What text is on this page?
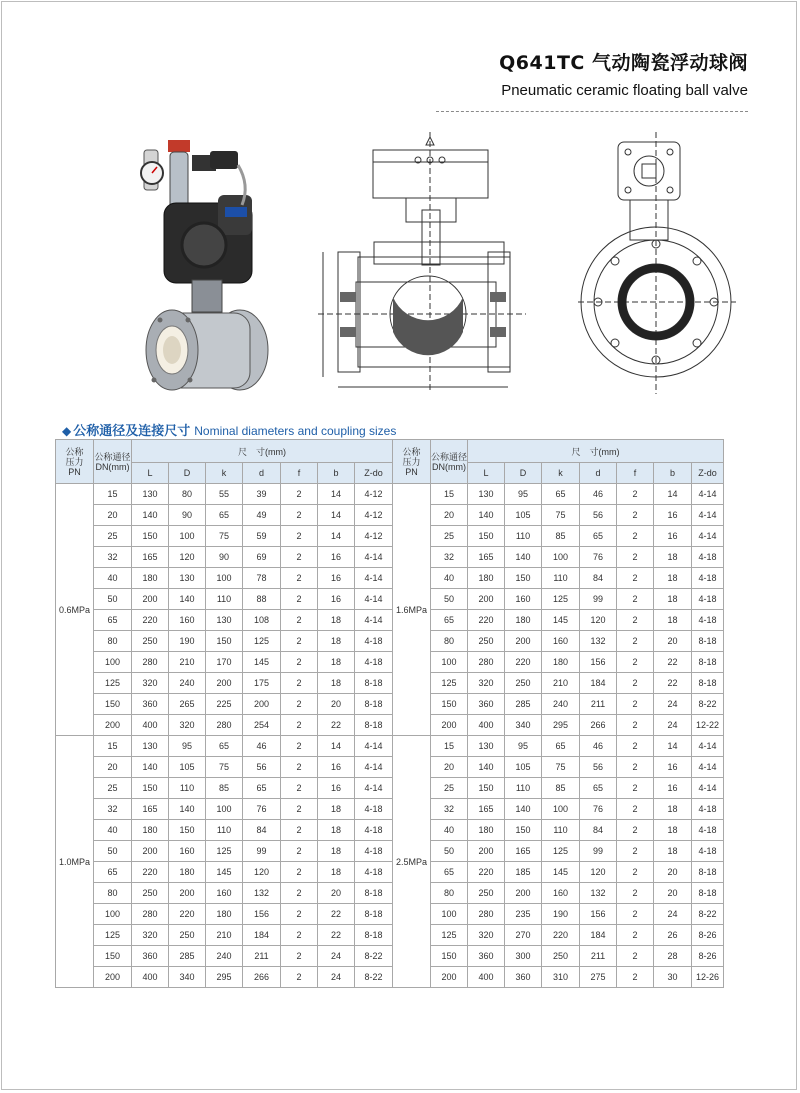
Q641TC 气动陶瓷浮动球阀
Pneumatic ceramic floating ball valve
◆ 公称通径及连接尺寸 Nominal diameters and coupling sizes
公称
压力
PN	公称通径
DN(mm)	尺　寸(mm)							公称
压力
PN	公称通径
DN(mm)	尺　寸(mm)						
		L	D	k	d	f	b	Z-do			L	D	k	d	f	b	Z-do
0.6MPa	15	130	80	55	39	2	14	4-12	1.6MPa	15	130	95	65	46	2	14	4-14
	20	140	90	65	49	2	14	4-12		20	140	105	75	56	2	16	4-14
	25	150	100	75	59	2	14	4-12		25	150	110	85	65	2	16	4-14
	32	165	120	90	69	2	16	4-14		32	165	140	100	76	2	18	4-18
	40	180	130	100	78	2	16	4-14		40	180	150	110	84	2	18	4-18
	50	200	140	110	88	2	16	4-14		50	200	160	125	99	2	18	4-18
	65	220	160	130	108	2	18	4-14		65	220	180	145	120	2	18	4-18
	80	250	190	150	125	2	18	4-18		80	250	200	160	132	2	20	8-18
	100	280	210	170	145	2	18	4-18		100	280	220	180	156	2	22	8-18
	125	320	240	200	175	2	18	8-18		125	320	250	210	184	2	22	8-18
	150	360	265	225	200	2	20	8-18		150	360	285	240	211	2	24	8-22
	200	400	320	280	254	2	22	8-18		200	400	340	295	266	2	24	12-22
1.0MPa	15	130	95	65	46	2	14	4-14	2.5MPa	15	130	95	65	46	2	14	4-14
	20	140	105	75	56	2	16	4-14		20	140	105	75	56	2	16	4-14
	25	150	110	85	65	2	16	4-14		25	150	110	85	65	2	16	4-14
	32	165	140	100	76	2	18	4-18		32	165	140	100	76	2	18	4-18
	40	180	150	110	84	2	18	4-18		40	180	150	110	84	2	18	4-18
	50	200	160	125	99	2	18	4-18		50	200	165	125	99	2	18	4-18
	65	220	180	145	120	2	18	4-18		65	220	185	145	120	2	20	8-18
	80	250	200	160	132	2	20	8-18		80	250	200	160	132	2	20	8-18
	100	280	220	180	156	2	22	8-18		100	280	235	190	156	2	24	8-22
	125	320	250	210	184	2	22	8-18		125	320	270	220	184	2	26	8-26
	150	360	285	240	211	2	24	8-22		150	360	300	250	211	2	28	8-26
	200	400	340	295	266	2	24	8-22		200	400	360	310	275	2	30	12-26
